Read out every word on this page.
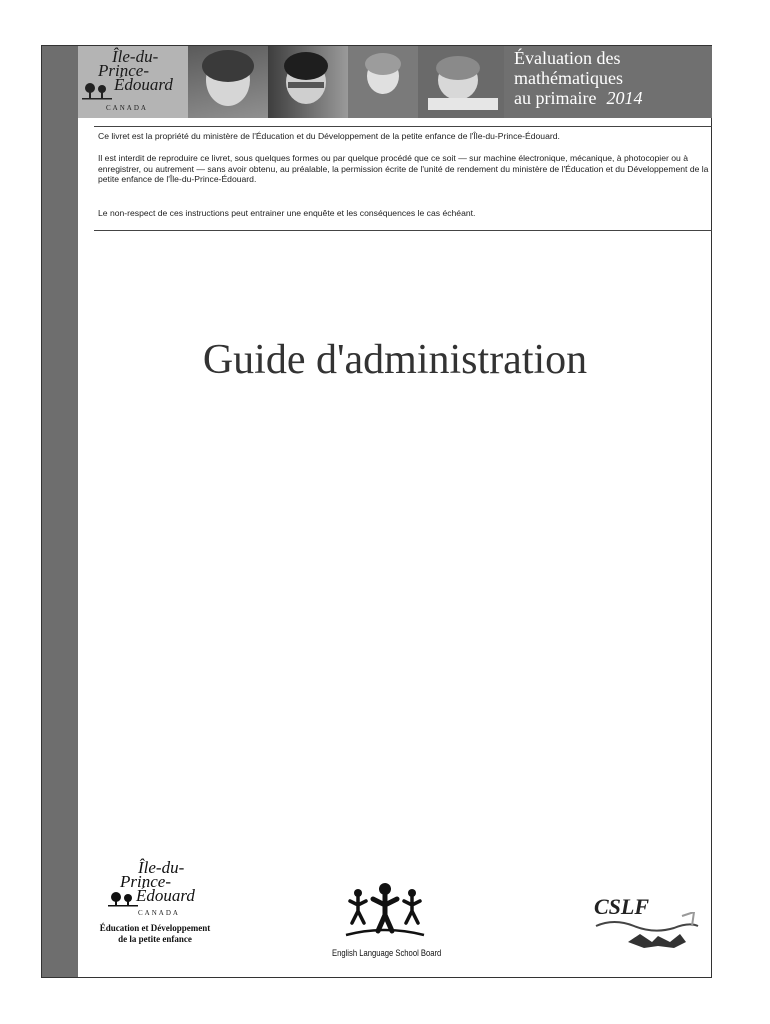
Île-du-
Prince-
Édouard
CANADA
Évaluation des
mathématiques
au primaire 2014

Ce livret est la propriété du ministère de l'Éducation et du Développement de la petite enfance de l'Île-du-Prince-Édouard.

Il est interdit de reproduire ce livret, sous quelques formes ou par quelque procédé que ce soit — sur machine électronique, mécanique, à photocopier ou à enregistrer, ou autrement — sans avoir obtenu, au préalable, la permission écrite de l'unité de rendement du ministère de l'Éducation et du Développement de la petite enfance de l'Île-du-Prince-Édouard.

Le non-respect de ces instructions peut entrainer une enquête et les conséquences le cas échéant.

Guide d'administration
Île-du-
Prince-
Édouard
CANADA
Éducation et Développement
de la petite enfance
English Language School Board
CSLF
